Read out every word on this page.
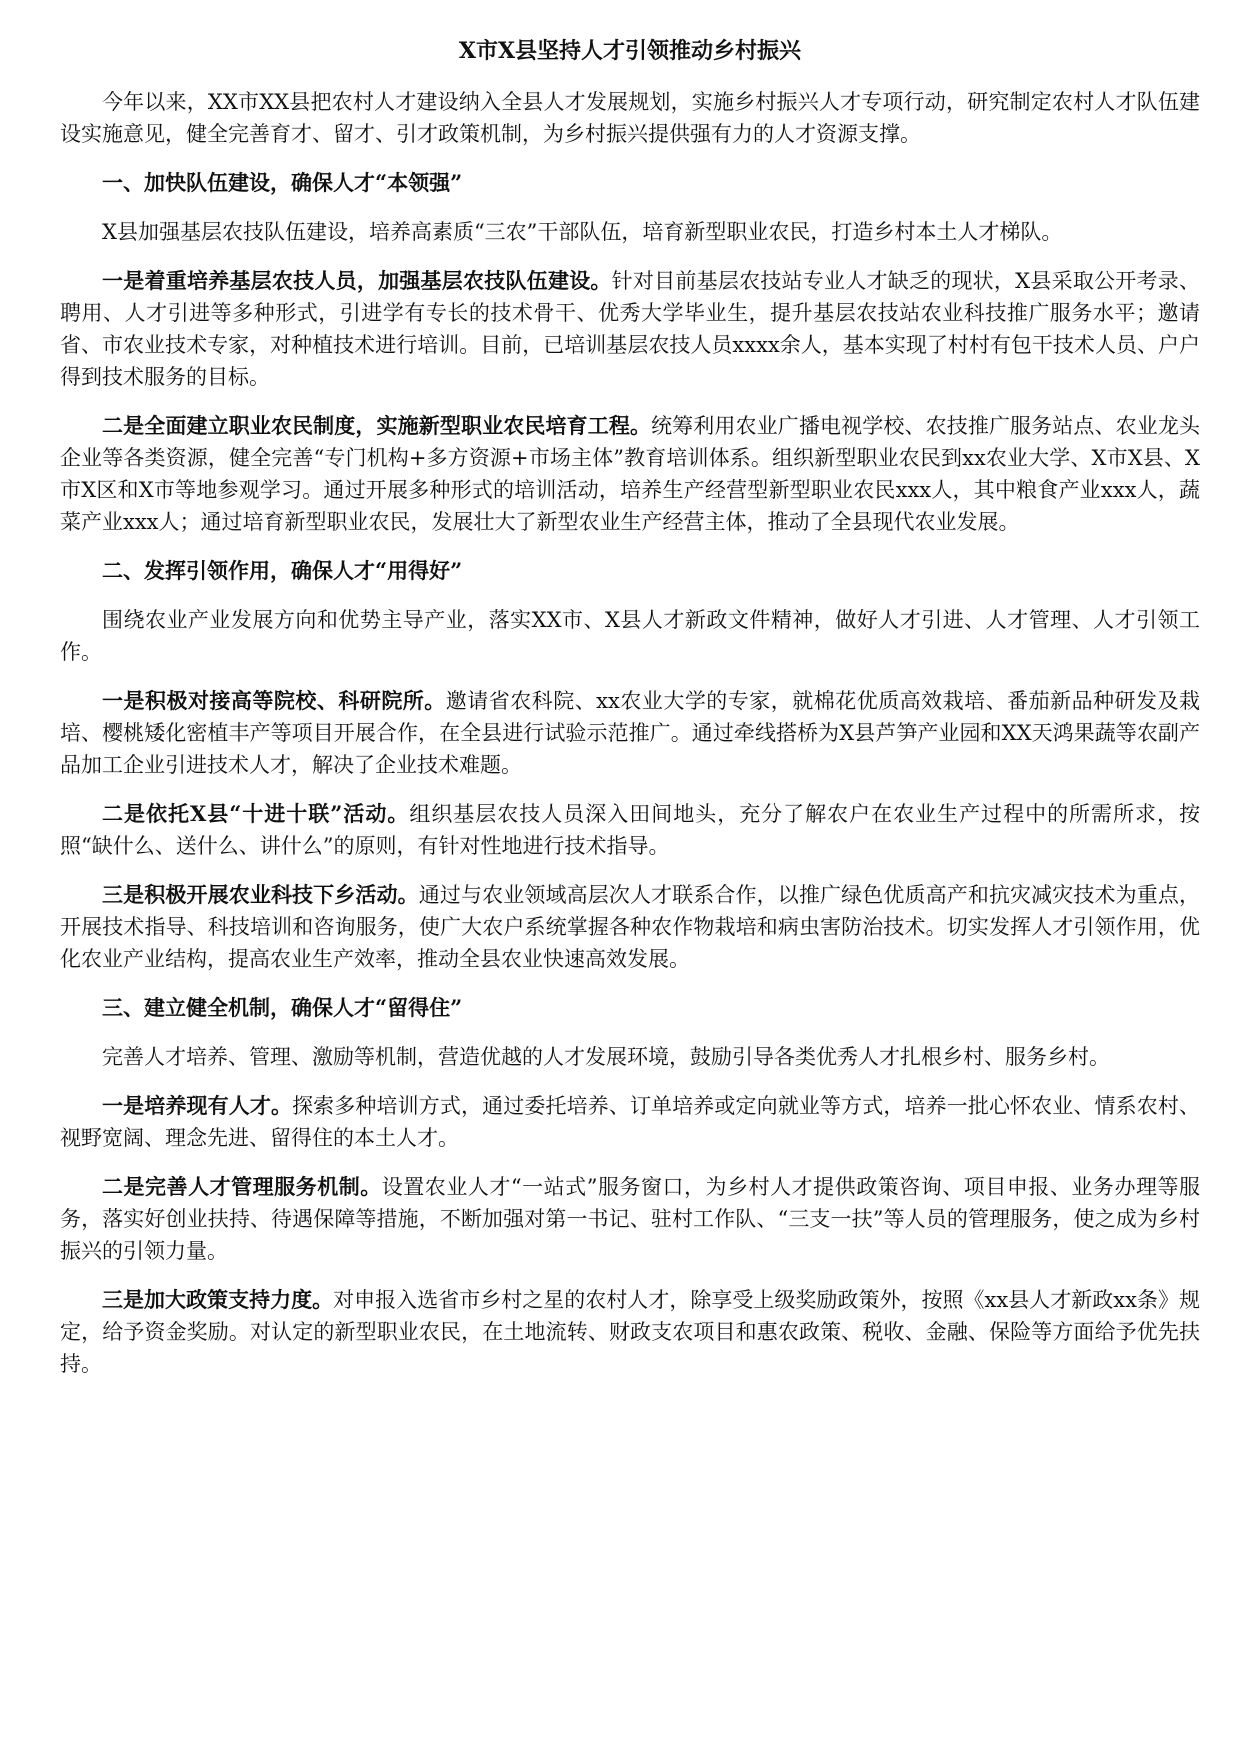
X市X县坚持人才引领推动乡村振兴

今年以来，XX市XX县把农村人才建设纳入全县人才发展规划，实施乡村振兴人才专项行动，研究制定农村人才队伍建设实施意见，健全完善育才、留才、引才政策机制，为乡村振兴提供强有力的人才资源支撑。

一、加快队伍建设，确保人才“本领强”

X县加强基层农技队伍建设，培养高素质“三农”干部队伍，培育新型职业农民，打造乡村本土人才梯队。

一是着重培养基层农技人员，加强基层农技队伍建设。针对目前基层农技站专业人才缺乏的现状，X县采取公开考录、聘用、人才引进等多种形式，引进学有专长的技术骨干、优秀大学毕业生，提升基层农技站农业科技推广服务水平；邀请省、市农业技术专家，对种植技术进行培训。目前，已培训基层农技人员xxxx余人，基本实现了村村有包干技术人员、户户得到技术服务的目标。

二是全面建立职业农民制度，实施新型职业农民培育工程。统筹利用农业广播电视学校、农技推广服务站点、农业龙头企业等各类资源，健全完善“专门机构+多方资源+市场主体”教育培训体系。组织新型职业农民到xx农业大学、X市X县、X市X区和X市等地参观学习。通过开展多种形式的培训活动，培养生产经营型新型职业农民xxx人，其中粮食产业xxx人，蔬菜产业xxx人；通过培育新型职业农民，发展壮大了新型农业生产经营主体，推动了全县现代农业发展。

二、发挥引领作用，确保人才“用得好”

围绕农业产业发展方向和优势主导产业，落实XX市、X县人才新政文件精神，做好人才引进、人才管理、人才引领工作。

一是积极对接高等院校、科研院所。邀请省农科院、xx农业大学的专家，就棉花优质高效栽培、番茄新品种研发及栽培、樱桃矮化密植丰产等项目开展合作，在全县进行试验示范推广。通过牵线搭桥为X县芦笋产业园和XX天鸿果蔬等农副产品加工企业引进技术人才，解决了企业技术难题。

二是依托X县“十进十联”活动。组织基层农技人员深入田间地头，充分了解农户在农业生产过程中的所需所求，按照“缺什么、送什么、讲什么”的原则，有针对性地进行技术指导。

三是积极开展农业科技下乡活动。通过与农业领域高层次人才联系合作，以推广绿色优质高产和抗灾减灾技术为重点，开展技术指导、科技培训和咨询服务，使广大农户系统掌握各种农作物栽培和病虫害防治技术。切实发挥人才引领作用，优化农业产业结构，提高农业生产效率，推动全县农业快速高效发展。

三、建立健全机制，确保人才“留得住”

完善人才培养、管理、激励等机制，营造优越的人才发展环境，鼓励引导各类优秀人才扎根乡村、服务乡村。

一是培养现有人才。探索多种培训方式，通过委托培养、订单培养或定向就业等方式，培养一批心怀农业、情系农村、视野宽阔、理念先进、留得住的本土人才。

二是完善人才管理服务机制。设置农业人才“一站式”服务窗口，为乡村人才提供政策咨询、项目申报、业务办理等服务，落实好创业扶持、待遇保障等措施，不断加强对第一书记、驻村工作队、“三支一扶”等人员的管理服务，使之成为乡村振兴的引领力量。

三是加大政策支持力度。对申报入选省市乡村之星的农村人才，除享受上级奖励政策外，按照《xx县人才新政xx条》规定，给予资金奖励。对认定的新型职业农民，在土地流转、财政支农项目和惠农政策、税收、金融、保险等方面给予优先扶持。
